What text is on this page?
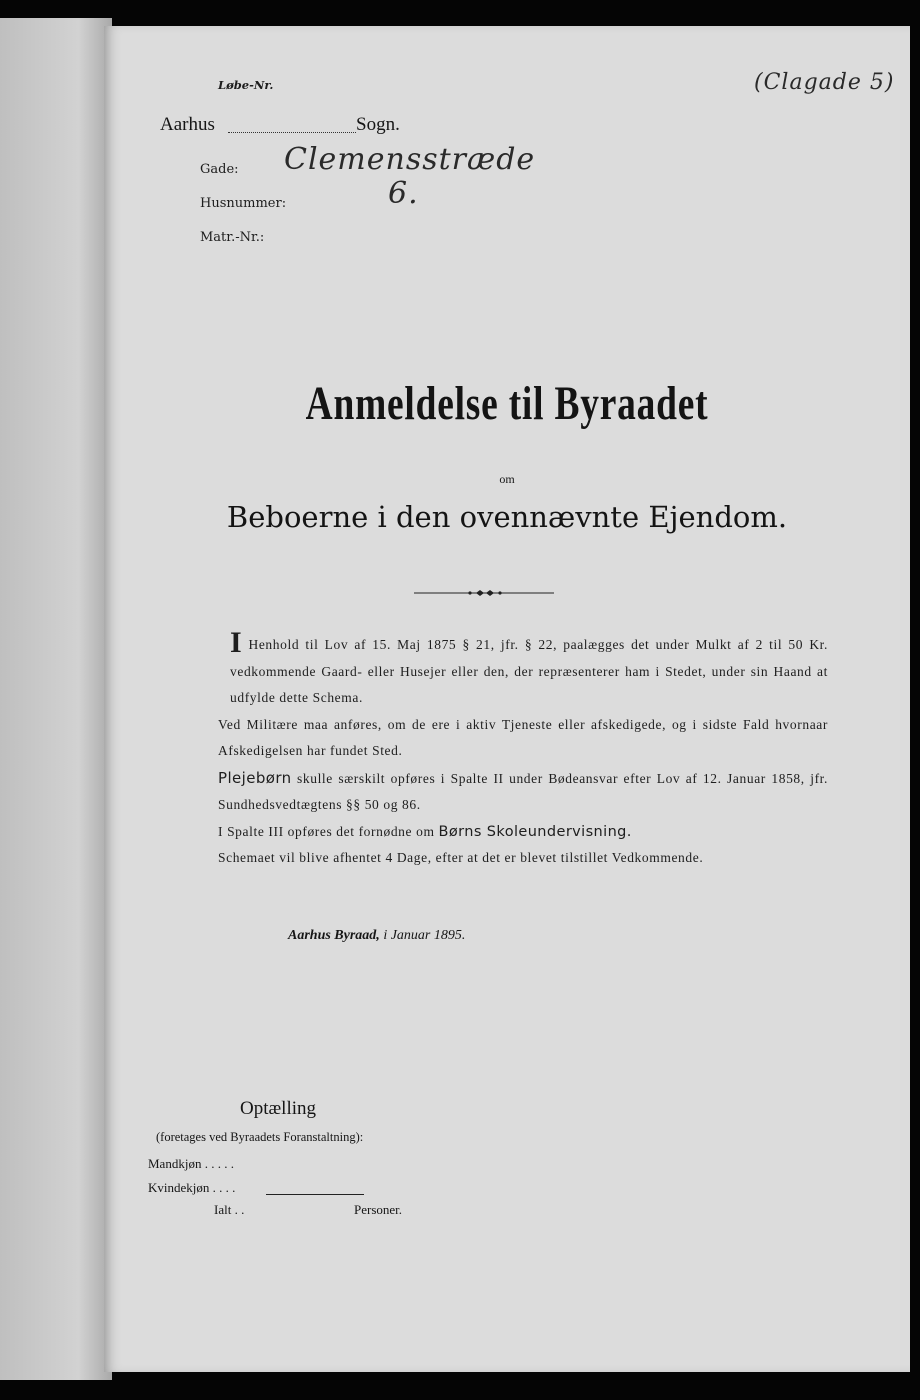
Løbe-Nr.	(Clagade 5)
Aarhus	Sogn.
Gade: Clemensstræde
Husnummer:	6.
Matr.-Nr.:
Anmeldelse til Byraadet
om
Beboerne i den ovennævnte Ejendom.

I Henhold til Lov af 15. Maj 1875 § 21, jfr. § 22, paalægges det under Mulkt af 2 til 50 Kr. vedkommende Gaard- eller Husejer eller den, der repræsenterer ham i Stedet, under sin Haand at udfylde dette Schema.

Ved Militære maa anføres, om de ere i aktiv Tjeneste eller afskedigede, og i sidste Fald hvornaar Afskedigelsen har fundet Sted.

Plejebørn skulle særskilt opføres i Spalte II under Bødeansvar efter Lov af 12. Januar 1858, jfr. Sundhedsvedtægtens §§ 50 og 86.

I Spalte III opføres det fornødne om Børns Skoleundervisning.

Schemaet vil blive afhentet 4 Dage, efter at det er blevet tilstillet Vedkommende.

Aarhus Byraad, i Januar 1895.
Optælling
(foretages ved Byraadets Foranstaltning):
Mandkjøn . . . . .
Kvindekjøn . . . .
Ialt . .	Personer.
